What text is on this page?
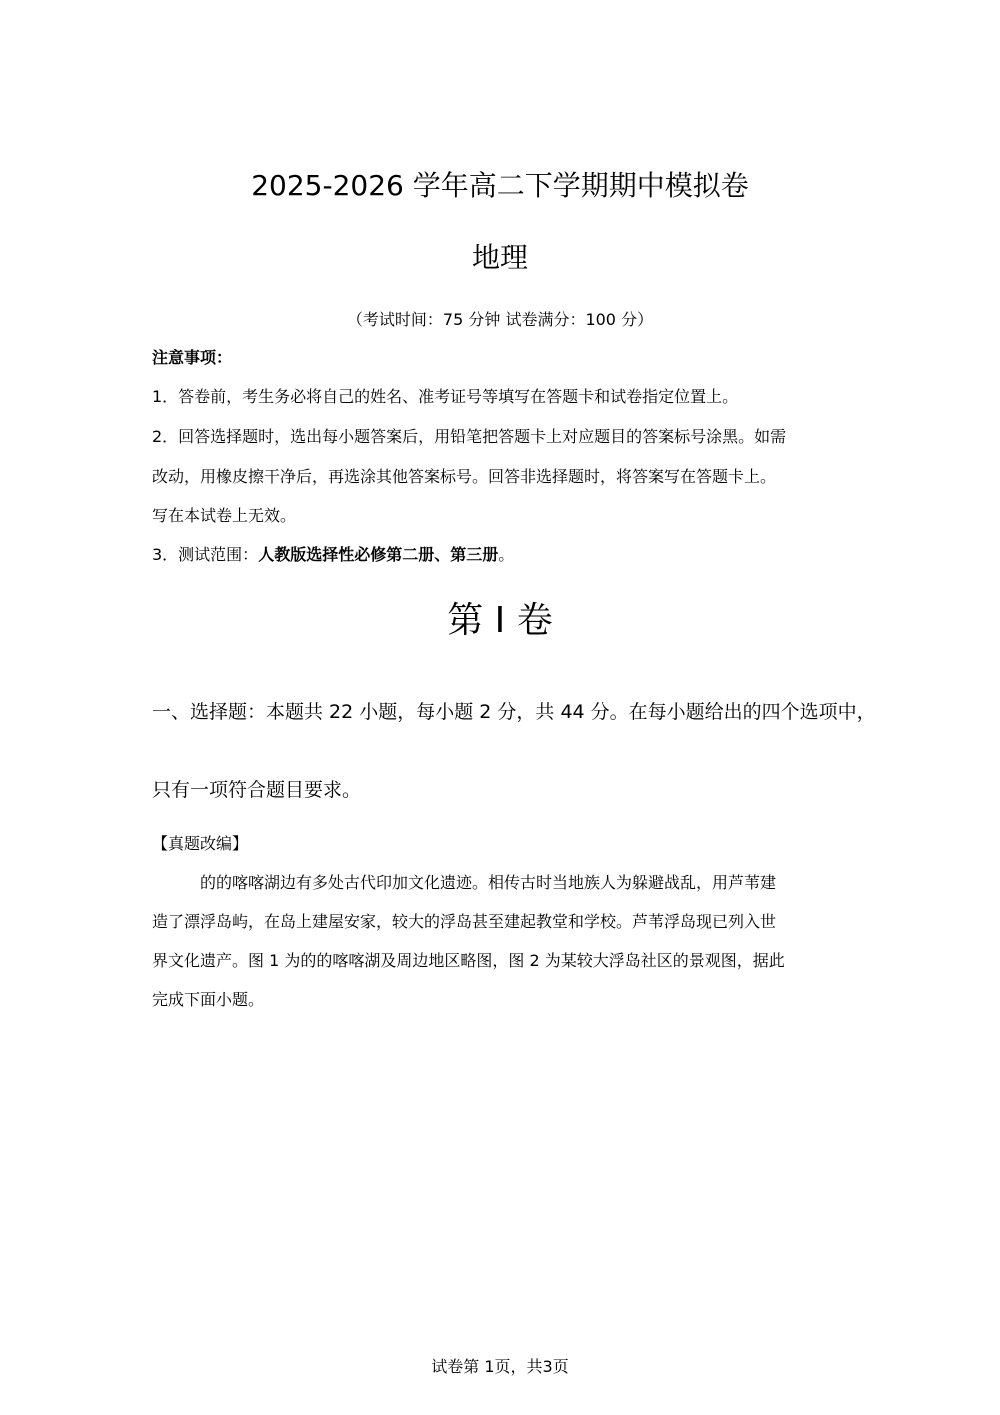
2025-2026 学年高二下学期期中模拟卷
地理
（考试时间：75 分钟 试卷满分：100 分）
注意事项：
1．答卷前，考生务必将自己的姓名、准考证号等填写在答题卡和试卷指定位置上。
2．回答选择题时，选出每小题答案后，用铅笔把答题卡上对应题目的答案标号涂黑。如需
改动，用橡皮擦干净后，再选涂其他答案标号。回答非选择题时，将答案写在答题卡上。
写在本试卷上无效。
3．测试范围：人教版选择性必修第二册、第三册。
第 I 卷
一、选择题：本题共 22 小题，每小题 2 分，共 44 分。在每小题给出的四个选项中，
只有一项符合题目要求。
【真题改编】
的的喀喀湖边有多处古代印加文化遗迹。相传古时当地族人为躲避战乱，用芦苇建
造了漂浮岛屿，在岛上建屋安家，较大的浮岛甚至建起教堂和学校。芦苇浮岛现已列入世
界文化遗产。图 1 为的的喀喀湖及周边地区略图，图 2 为某较大浮岛社区的景观图，据此
完成下面小题。
试卷第 1页，共3页
